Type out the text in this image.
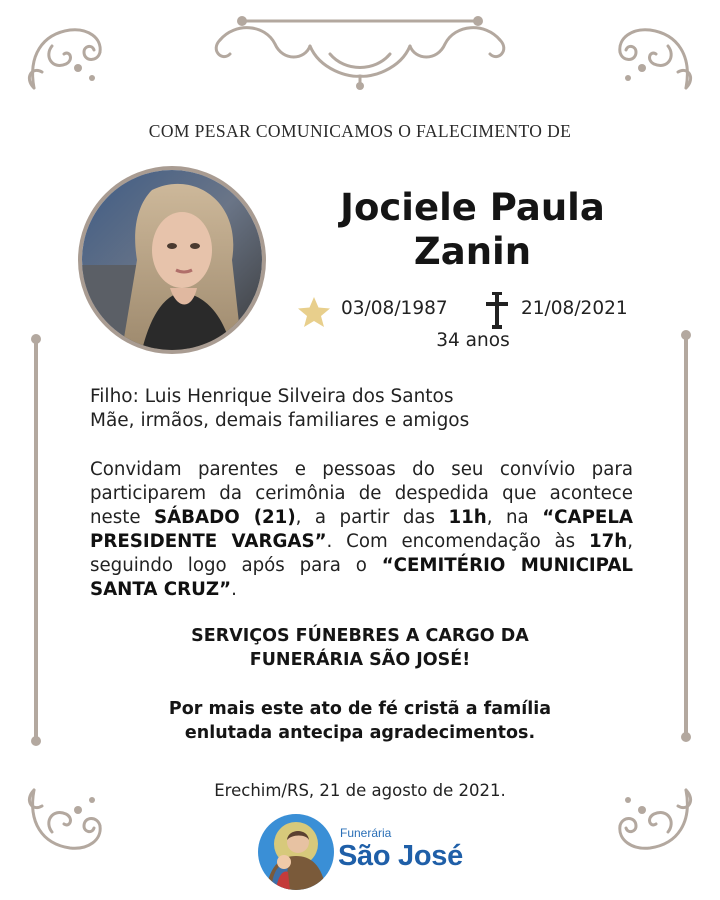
COM PESAR COMUNICAMOS O FALECIMENTO DE
Jociele Paula
Zanin
03/08/1987	21/08/2021
34 anos
Filho: Luis Henrique Silveira dos Santos
Mãe, irmãos, demais familiares e amigos
Convidam parentes e pessoas do seu convívio para participarem da cerimônia de despedida que acontece neste SÁBADO (21), a partir das 11h, na “CAPELA PRESIDENTE VARGAS”. Com encomendação às 17h, seguindo logo após para o “CEMITÉRIO MUNICIPAL SANTA CRUZ”.
SERVIÇOS FÚNEBRES A CARGO DA
FUNERÁRIA SÃO JOSÉ!
Por mais este ato de fé cristã a família
enlutada antecipa agradecimentos.
Erechim/RS, 21 de agosto de 2021.
Funerária
São José
